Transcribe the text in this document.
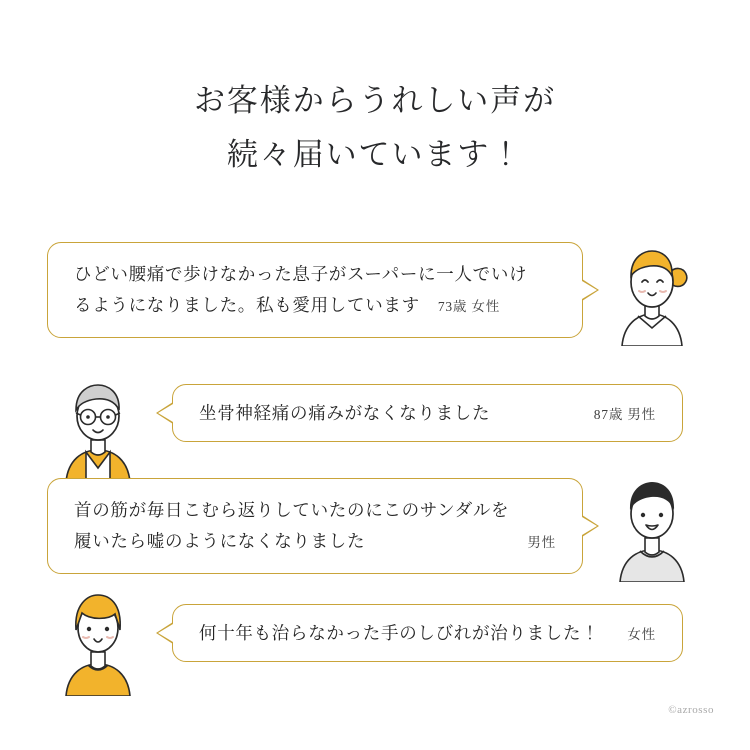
お客様からうれしい声が
続々届いています！
ひどい腰痛で歩けなかった息子がスーパーに一人でいけ
るようになりました。私も愛用しています 73歳 女性
坐骨神経痛の痛みがなくなりました	87歳 男性
首の筋が毎日こむら返りしていたのにこのサンダルを
履いたら嘘のようになくなりました	男性
何十年も治らなかった手のしびれが治りました！ 女性
©azrosso
